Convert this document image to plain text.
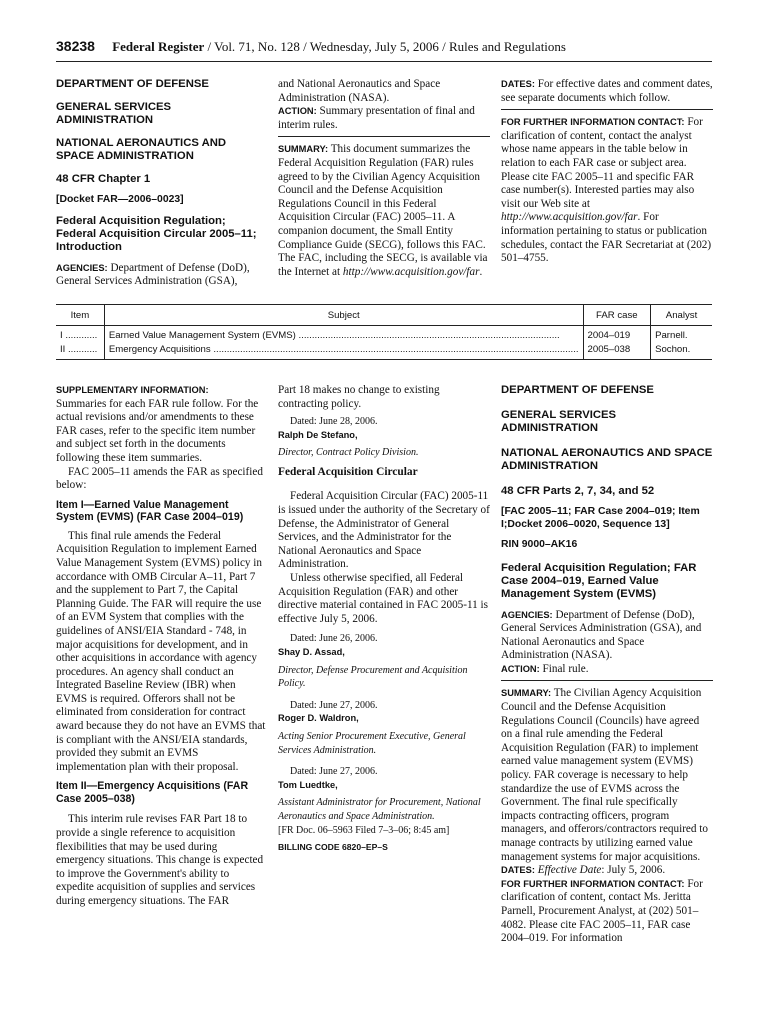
38238 Federal Register / Vol. 71, No. 128 / Wednesday, July 5, 2006 / Rules and Regulations
DEPARTMENT OF DEFENSE
GENERAL SERVICES ADMINISTRATION
NATIONAL AERONAUTICS AND SPACE ADMINISTRATION
48 CFR Chapter 1
[Docket FAR—2006–0023]
Federal Acquisition Regulation; Federal Acquisition Circular 2005–11; Introduction

AGENCIES: Department of Defense (DoD), General Services Administration (GSA),

and National Aeronautics and Space Administration (NASA).

ACTION: Summary presentation of final and interim rules.

SUMMARY: This document summarizes the Federal Acquisition Regulation (FAR) rules agreed to by the Civilian Agency Acquisition Council and the Defense Acquisition Regulations Council in this Federal Acquisition Circular (FAC) 2005–11. A companion document, the Small Entity Compliance Guide (SECG), follows this FAC. The FAC, including the SECG, is available via the Internet at http://www.acquisition.gov/far.

DATES: For effective dates and comment dates, see separate documents which follow.

FOR FURTHER INFORMATION CONTACT: For clarification of content, contact the analyst whose name appears in the table below in relation to each FAR case or subject area. Please cite FAC 2005–11 and specific FAR case number(s). Interested parties may also visit our Web site at http://www.acquisition.gov/far. For information pertaining to status or publication schedules, contact the FAR Secretariat at (202) 501–4755.

Item	Subject	FAR case	Analyst
I ............	Earned Value Management System (EVMS) ..................................................................................................	2004–019	Parnell.
II ...........	Emergency Acquisitions .........................................................................................................................................	2005–038	Sochon.

SUPPLEMENTARY INFORMATION:
Summaries for each FAR rule follow. For the actual revisions and/or amendments to these FAR cases, refer to the specific item number and subject set forth in the documents following these item summaries.

FAC 2005–11 amends the FAR as specified below:

Item I—Earned Value Management System (EVMS) (FAR Case 2004–019)

This final rule amends the Federal Acquisition Regulation to implement Earned Value Management System (EVMS) policy in accordance with OMB Circular A–11, Part 7 and the supplement to Part 7, the Capital Planning Guide. The FAR will require the use of an EVM System that complies with the guidelines of ANSI/EIA Standard - 748, in major acquisitions for development, and in other acquisitions in accordance with agency procedures. An agency shall conduct an Integrated Baseline Review (IBR) when EVMS is required. Offerors shall not be eliminated from consideration for contract award because they do not have an EVMS that is compliant with the ANSI/EIA standards, provided they submit an EVMS implementation plan with their proposal.

Item II—Emergency Acquisitions (FAR Case 2005–038)

This interim rule revises FAR Part 18 to provide a single reference to acquisition flexibilities that may be used during emergency situations. This change is expected to improve the Government's ability to expedite acquisition of supplies and services during emergency situations. The FAR

Part 18 makes no change to existing contracting policy.

Dated: June 28, 2006.

Ralph De Stefano,

Director, Contract Policy Division.

Federal Acquisition Circular

Federal Acquisition Circular (FAC) 2005-11 is issued under the authority of the Secretary of Defense, the Administrator of General Services, and the Administrator for the National Aeronautics and Space Administration.

Unless otherwise specified, all Federal Acquisition Regulation (FAR) and other directive material contained in FAC 2005-11 is effective July 5, 2006.

Dated: June 26, 2006.

Shay D. Assad,

Director, Defense Procurement and Acquisition Policy.

Dated: June 27, 2006.

Roger D. Waldron,

Acting Senior Procurement Executive, General Services Administration.

Dated: June 27, 2006.

Tom Luedtke,

Assistant Administrator for Procurement, National Aeronautics and Space Administration.

[FR Doc. 06–5963 Filed 7–3–06; 8:45 am]

BILLING CODE 6820–EP–S
DEPARTMENT OF DEFENSE
GENERAL SERVICES ADMINISTRATION
NATIONAL AERONAUTICS AND SPACE ADMINISTRATION
48 CFR Parts 2, 7, 34, and 52
[FAC 2005–11; FAR Case 2004–019; Item I;Docket 2006–0020, Sequence 13]
RIN 9000–AK16
Federal Acquisition Regulation; FAR Case 2004–019, Earned Value Management System (EVMS)

AGENCIES: Department of Defense (DoD), General Services Administration (GSA), and National Aeronautics and Space Administration (NASA).

ACTION: Final rule.

SUMMARY: The Civilian Agency Acquisition Council and the Defense Acquisition Regulations Council (Councils) have agreed on a final rule amending the Federal Acquisition Regulation (FAR) to implement earned value management system (EVMS) policy. FAR coverage is necessary to help standardize the use of EVMS across the Government. The final rule specifically impacts contracting officers, program managers, and offerors/contractors required to manage contracts by utilizing earned value management systems for major acquisitions.

DATES: Effective Date: July 5, 2006.

FOR FURTHER INFORMATION CONTACT: For clarification of content, contact Ms. Jeritta Parnell, Procurement Analyst, at (202) 501–4082. Please cite FAC 2005–11, FAR case 2004–019. For information
